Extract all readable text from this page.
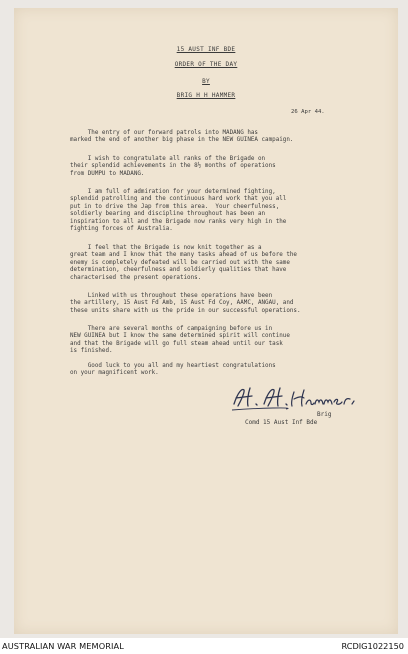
15 AUST INF BDE
ORDER OF THE DAY
BY
BRIG H H HAMMER
26 Apr 44.
The entry of our forward patrols into MADANG has
marked the end of another big phase in the NEW GUINEA campaign.
I wish to congratulate all ranks of the Brigade on
their splendid achievements in the 8½ months of operations
from DUMPU to MADANG.
I am full of admiration for your determined fighting,
splendid patrolling and the continuous hard work that you all
put in to drive the Jap from this area.  Your cheerfulness,
soldierly bearing and discipline throughout has been an
inspiration to all and the Brigade now ranks very high in the
fighting forces of Australia.
I feel that the Brigade is now knit together as a
great team and I know that the many tasks ahead of us before the
enemy is completely defeated will be carried out with the same
determination, cheerfulness and soldierly qualities that have
characterised the present operations.
Linked with us throughout these operations have been
the artillery, 15 Aust Fd Amb, 15 Aust Fd Coy, AAMC, ANGAU, and
these units share with us the pride in our successful operations.
There are several months of campaigning before us in
NEW GUINEA but I know the same determined spirit will continue
and that the Brigade will go full steam ahead until our task
is finished.
Good luck to you all and my heartiest congratulations
on your magnificent work.
Brig
Comd 15 Aust Inf Bde
AUSTRALIAN WAR MEMORIAL	RCDIG1022150
